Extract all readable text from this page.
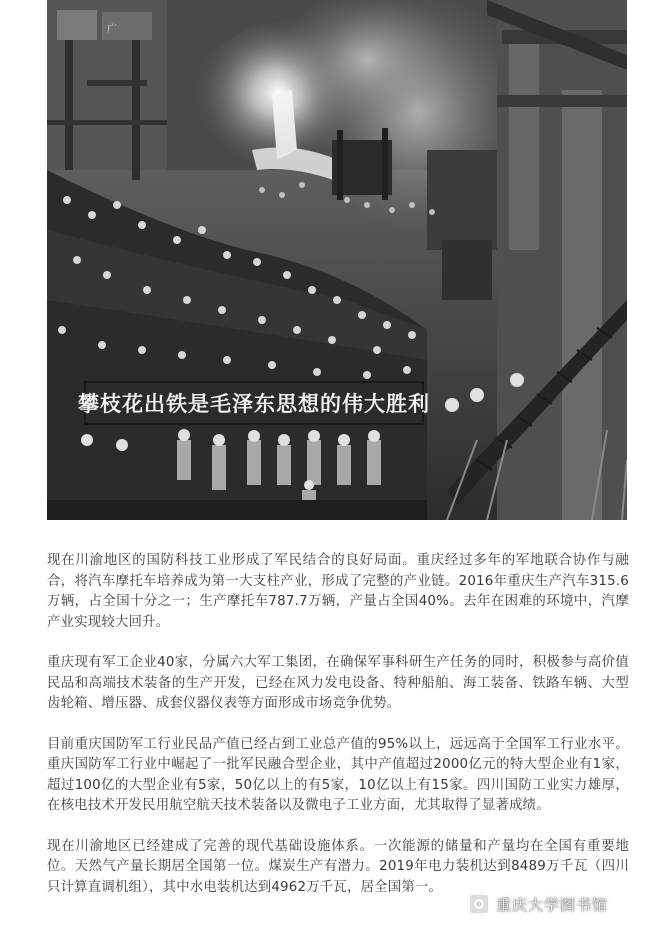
广
攀枝花出铁是毛泽东思想的伟大胜利

现在川渝地区的国防科技工业形成了军民结合的良好局面。重庆经过多年的军地联合协作与融合，将汽车摩托车培养成为第一大支柱产业，形成了完整的产业链。2016年重庆生产汽车315.6万辆，占全国十分之一；生产摩托车787.7万辆，产量占全国40%。去年在困难的环境中，汽摩产业实现较大回升。

重庆现有军工企业40家，分属六大军工集团，在确保军事科研生产任务的同时，积极参与高价值民品和高端技术装备的生产开发，已经在风力发电设备、特种船舶、海工装备、铁路车辆、大型齿轮箱、增压器、成套仪器仪表等方面形成市场竞争优势。

目前重庆国防军工行业民品产值已经占到工业总产值的95%以上，远远高于全国军工行业水平。重庆国防军工行业中崛起了一批军民融合型企业，其中产值超过2000亿元的特大型企业有1家，超过100亿的大型企业有5家，50亿以上的有5家，10亿以上有15家。四川国防工业实力雄厚，在核电技术开发民用航空航天技术装备以及微电子工业方面，尤其取得了显著成绩。

现在川渝地区已经建成了完善的现代基础设施体系。一次能源的储量和产量均在全国有重要地位。天然气产量长期居全国第一位。煤炭生产有潜力。2019年电力装机达到8489万千瓦（四川只计算直调机组），其中水电装机达到4962万千瓦，居全国第一。

重庆大学图书馆
